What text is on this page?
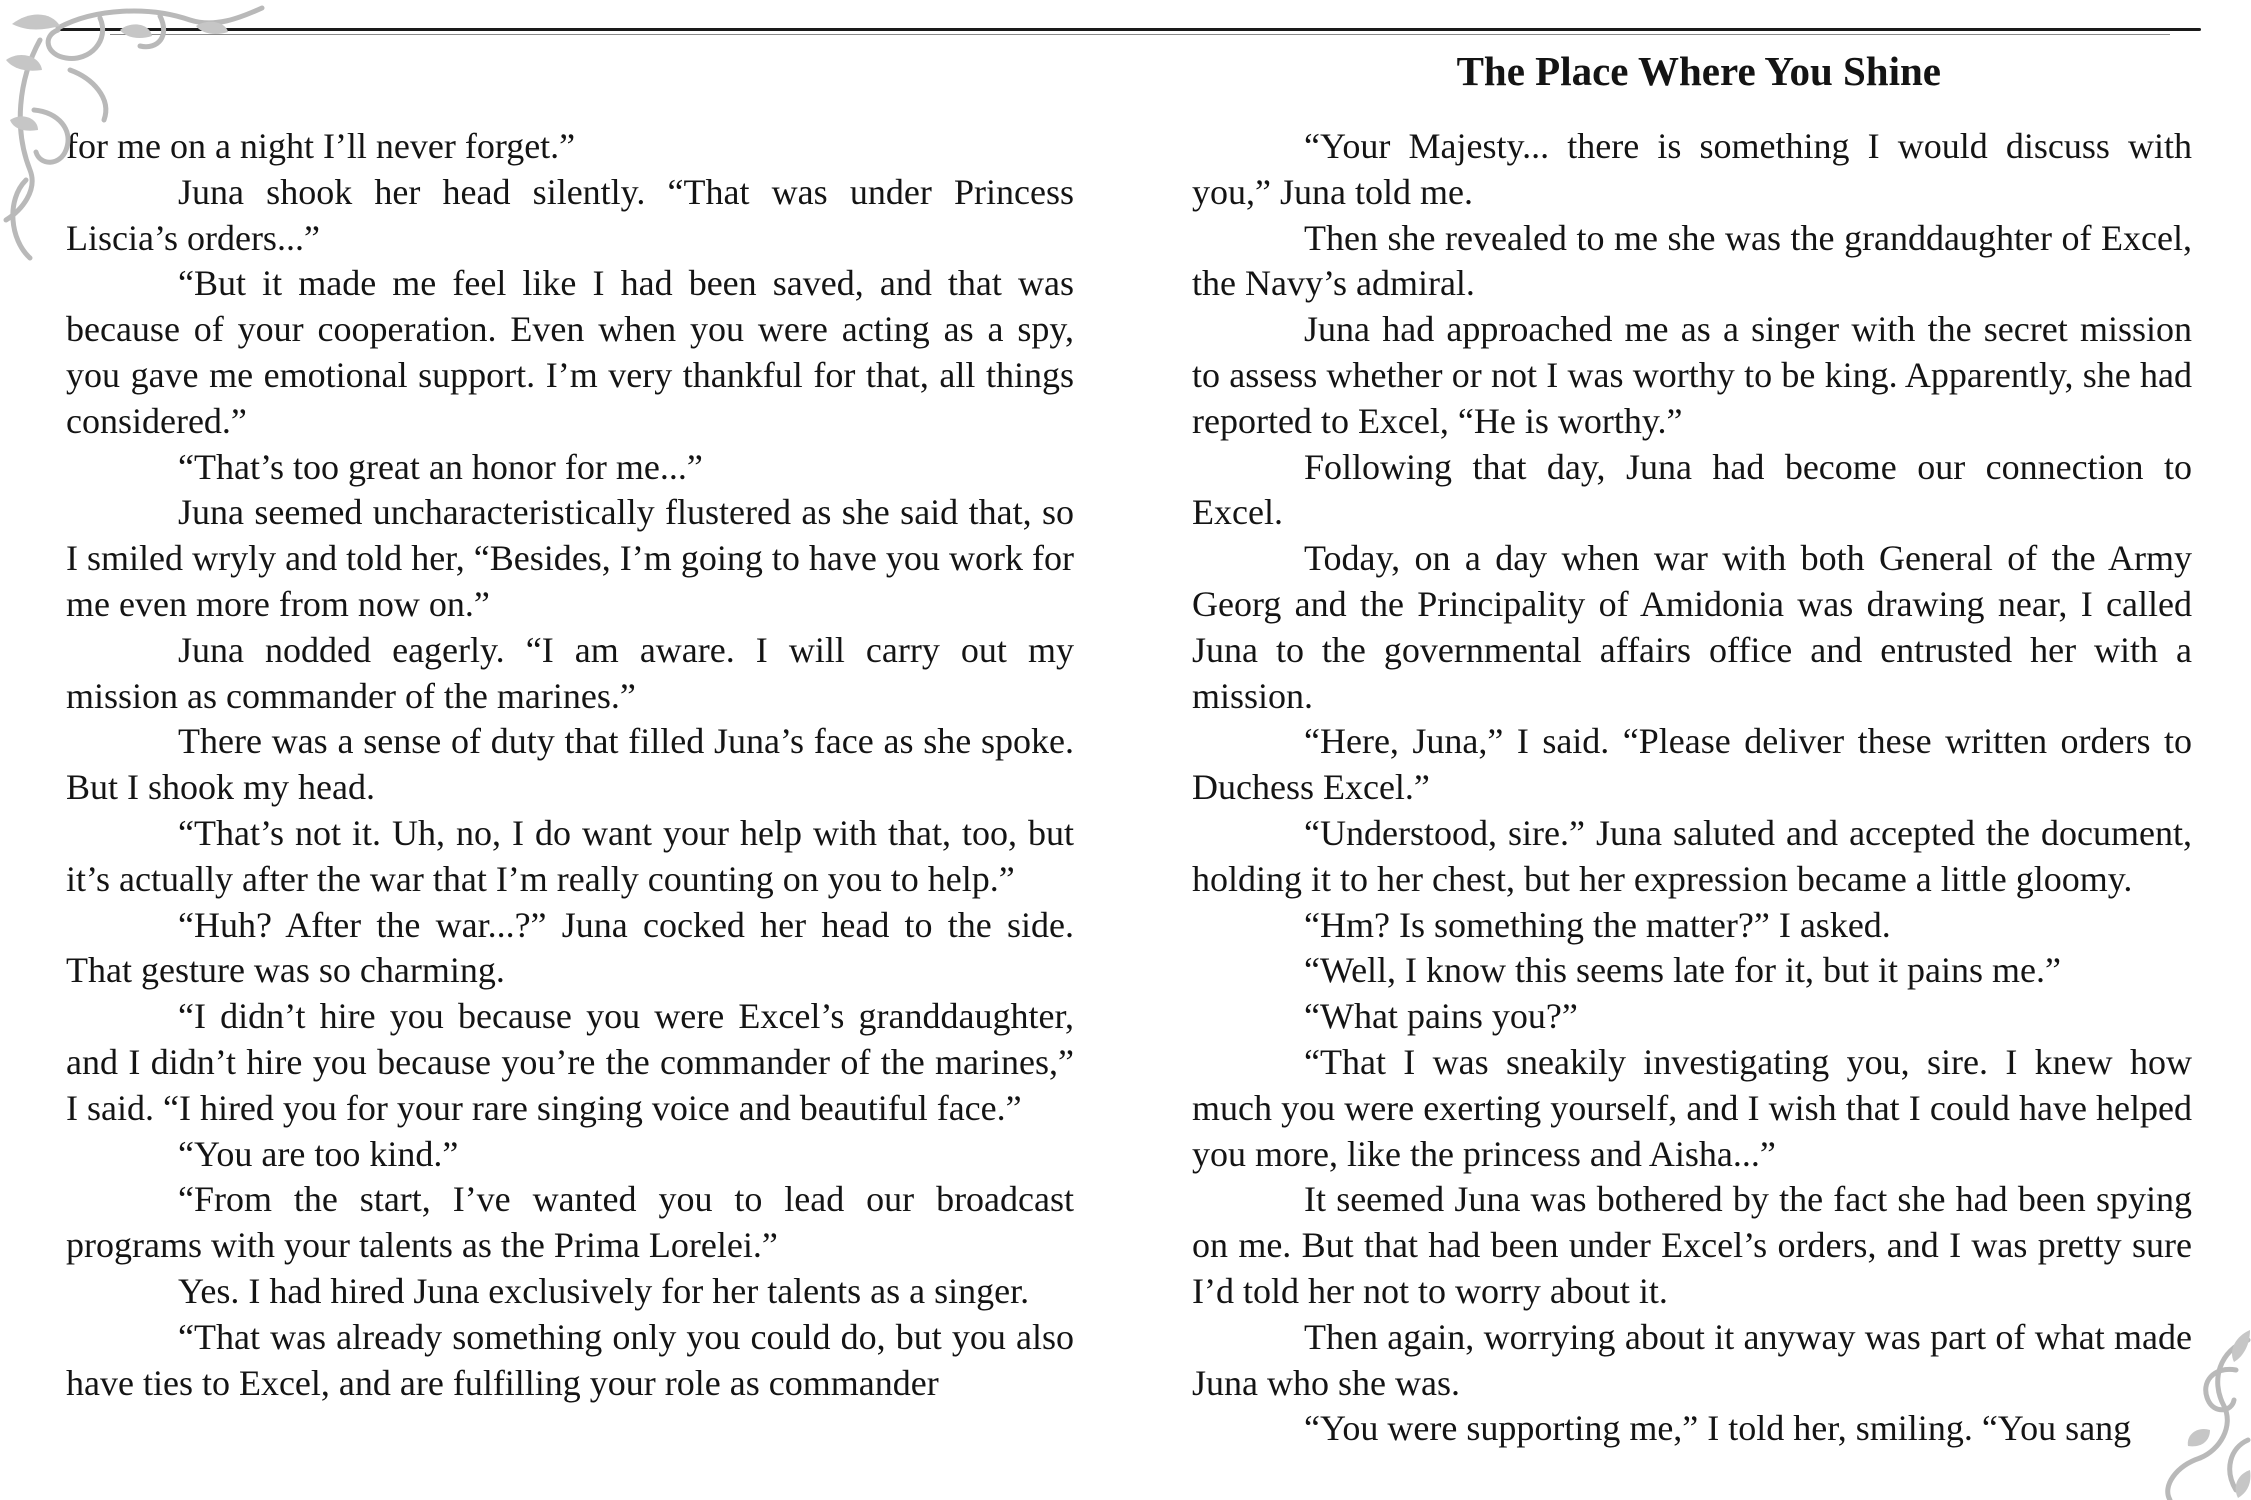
The Place Where You Shine

for me on a night I’ll never forget.”

Juna shook her head silently. “That was under Princess Liscia’s orders...”

“But it made me feel like I had been saved, and that was because of your cooperation. Even when you were acting as a spy, you gave me emotional support. I’m very thankful for that, all things considered.”

“That’s too great an honor for me...”

Juna seemed uncharacteristically flustered as she said that, so I smiled wryly and told her, “Besides, I’m going to have you work for me even more from now on.”

Juna nodded eagerly. “I am aware. I will carry out my mission as commander of the marines.”

There was a sense of duty that filled Juna’s face as she spoke. But I shook my head.

“That’s not it. Uh, no, I do want your help with that, too, but it’s actually after the war that I’m really counting on you to help.”

“Huh? After the war...?” Juna cocked her head to the side. That gesture was so charming.

“I didn’t hire you because you were Excel’s granddaughter, and I didn’t hire you because you’re the commander of the marines,” I said. “I hired you for your rare singing voice and beautiful face.”

“You are too kind.”

“From the start, I’ve wanted you to lead our broadcast programs with your talents as the Prima Lorelei.”

Yes. I had hired Juna exclusively for her talents as a singer.

“That was already something only you could do, but you also have ties to Excel, and are fulfilling your role as commander

“Your Majesty... there is something I would discuss with you,” Juna told me.

Then she revealed to me she was the granddaughter of Excel, the Navy’s admiral.

Juna had approached me as a singer with the secret mission to assess whether or not I was worthy to be king. Apparently, she had reported to Excel, “He is worthy.”

Following that day, Juna had become our connection to Excel.

Today, on a day when war with both General of the Army Georg and the Principality of Amidonia was drawing near, I called Juna to the governmental affairs office and entrusted her with a mission.

“Here, Juna,” I said. “Please deliver these written orders to Duchess Excel.”

“Understood, sire.” Juna saluted and accepted the document, holding it to her chest, but her expression became a little gloomy.

“Hm? Is something the matter?” I asked.

“Well, I know this seems late for it, but it pains me.”

“What pains you?”

“That I was sneakily investigating you, sire. I knew how much you were exerting yourself, and I wish that I could have helped you more, like the princess and Aisha...”

It seemed Juna was bothered by the fact she had been spying on me. But that had been under Excel’s orders, and I was pretty sure I’d told her not to worry about it.

Then again, worrying about it anyway was part of what made Juna who she was.

“You were supporting me,” I told her, smiling. “You sang
